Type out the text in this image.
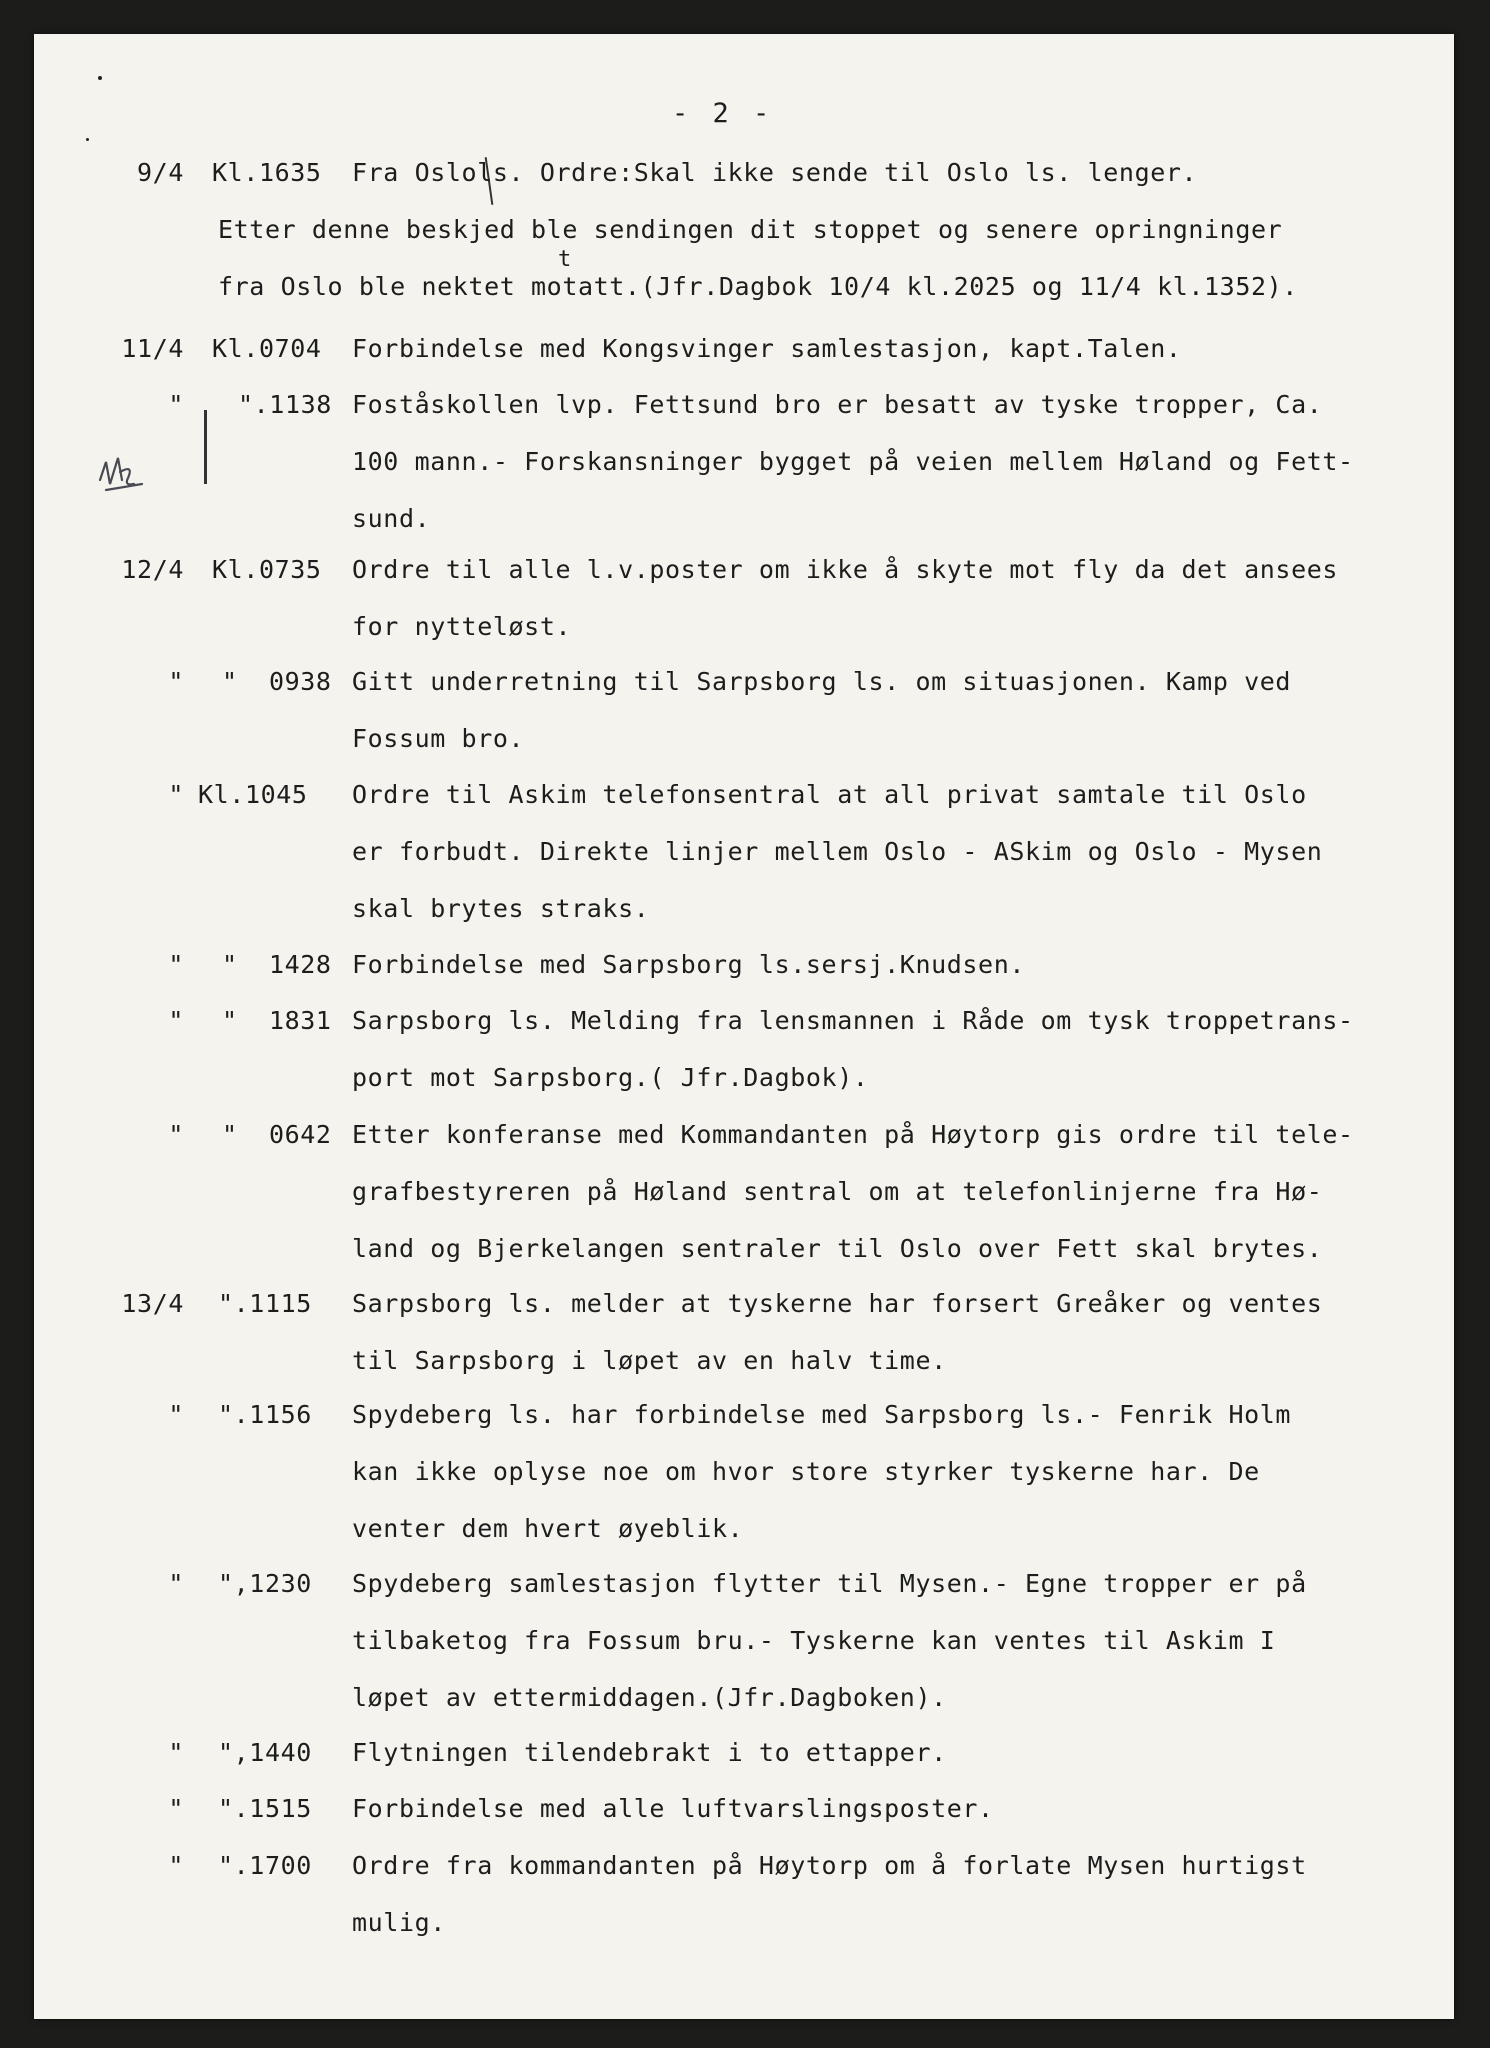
- 2 -
t
9/4 Kl.1635 Fra Oslols. Ordre:Skal ikke sende til Oslo ls. lenger.
Etter denne beskjed ble sendingen dit stoppet og senere opringninger
fra Oslo ble nektet motatt.(Jfr.Dagbok 10/4 kl.2025 og 11/4 kl.1352).
11/4 Kl.0704 Forbindelse med Kongsvinger samlestasjon, kapt.Talen.
" ".1138 Foståskollen lvp. Fettsund bro er besatt av tyske tropper, Ca.
100 mann.- Forskansninger bygget på veien mellem Høland og Fett-
sund.
12/4 Kl.0735 Ordre til alle l.v.poster om ikke å skyte mot fly da det ansees
for nytteløst.
" "  0938 Gitt underretning til Sarpsborg ls. om situasjonen. Kamp ved
Fossum bro.
" Kl.1045 Ordre til Askim telefonsentral at all privat samtale til Oslo
er forbudt. Direkte linjer mellem Oslo - ASkim og Oslo - Mysen
skal brytes straks.
" "  1428 Forbindelse med Sarpsborg ls.sersj.Knudsen.
" "  1831 Sarpsborg ls. Melding fra lensmannen i Råde om tysk troppetrans-
port mot Sarpsborg.( Jfr.Dagbok).
" "  0642 Etter konferanse med Kommandanten på Høytorp gis ordre til tele-
grafbestyreren på Høland sentral om at telefonlinjerne fra Hø-
land og Bjerkelangen sentraler til Oslo over Fett skal brytes.
13/4 ".1115 Sarpsborg ls. melder at tyskerne har forsert Greåker og ventes
til Sarpsborg i løpet av en halv time.
" ".1156 Spydeberg ls. har forbindelse med Sarpsborg ls.- Fenrik Holm
kan ikke oplyse noe om hvor store styrker tyskerne har. De
venter dem hvert øyeblik.
" ",1230 Spydeberg samlestasjon flytter til Mysen.- Egne tropper er på
tilbaketog fra Fossum bru.- Tyskerne kan ventes til Askim I
løpet av ettermiddagen.(Jfr.Dagboken).
" ",1440 Flytningen tilendebrakt i to ettapper.
" ".1515 Forbindelse med alle luftvarslingsposter.
" ".1700 Ordre fra kommandanten på Høytorp om å forlate Mysen hurtigst
mulig.
